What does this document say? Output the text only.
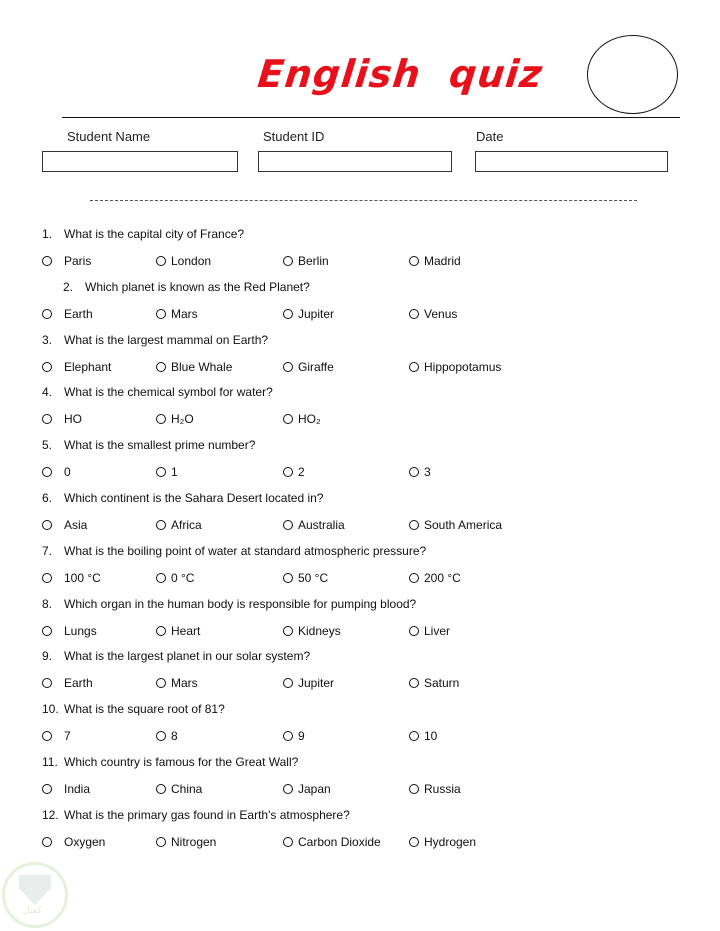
English  quiz
Student Name	Student ID	Date
1. What is the capital city of France?
Paris	London	Berlin	Madrid
2. Which planet is known as the Red Planet?
Earth	Mars	Jupiter	Venus
3. What is the largest mammal on Earth?
Elephant	Blue Whale	Giraffe	Hippopotamus
4. What is the chemical symbol for water?
HO	H₂O	HO₂
5. What is the smallest prime number?
0	1	2	3
6. Which continent is the Sahara Desert located in?
Asia	Africa	Australia	South America
7. What is the boiling point of water at standard atmospheric pressure?
100 °C	0 °C	50 °C	200 °C
8. Which organ in the human body is responsible for pumping blood?
Lungs	Heart	Kidneys	Liver
9. What is the largest planet in our solar system?
Earth	Mars	Jupiter	Saturn
10. What is the square root of 81?
7	8	9	10
11. Which country is famous for the Great Wall?
India	China	Japan	Russia
12. What is the primary gas found in Earth's atmosphere?
Oxygen	Nitrogen	Carbon Dioxide	Hydrogen
كفيل
